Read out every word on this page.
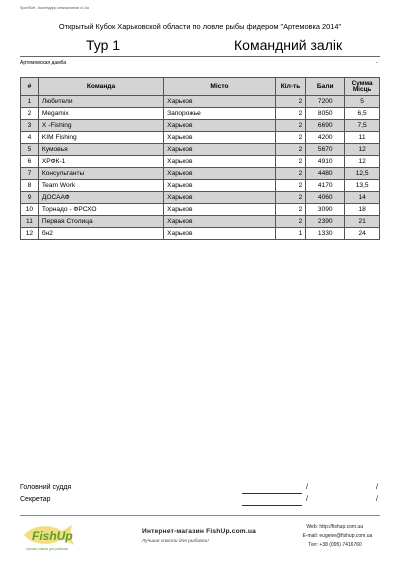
SportSoft - Календарь чемпионатов v1.0a
Открытый Кубок Харьковской области по ловле рыбы фидером "Артемовка 2014"
Тур 1	Командний залік
Артемовская дамба	-
#	Команда	Місто	Кіл-ть	Бали	Сумма Місць
1	Любители	Харьков	2	7200	5
2	Megamix	Запорожье	2	8050	6,5
3	X -Fishing	Харьков	2	6690	7,5
4	KIM Fishing	Харьков	2	4200	11
5	Кумовья	Харьков	2	5670	12
6	ХРФК-1	Харьков	2	4910	12
7	Консультанты	Харьков	2	4480	12,5
8	Team Work	Харьков	2	4170	13,5
9	ДОСААФ	Харьков	2	4060	14
10	Торнадо - ФРСХО	Харьков	2	3090	18
11	Первая Столица	Харьков	2	2390	21
12	бн2	Харьков	1	1330	24
Головний суддя	/	/
Секретар	/	/
FishUp
лучшие снасти для рыбалки
Интернет-магазин FishUp.com.ua
Лучшие снасти для рыбалки!
Web: http://fishup.com.ua
E-mail: eugene@fishup.com.ua
Тел: +38 (095) 7416760
